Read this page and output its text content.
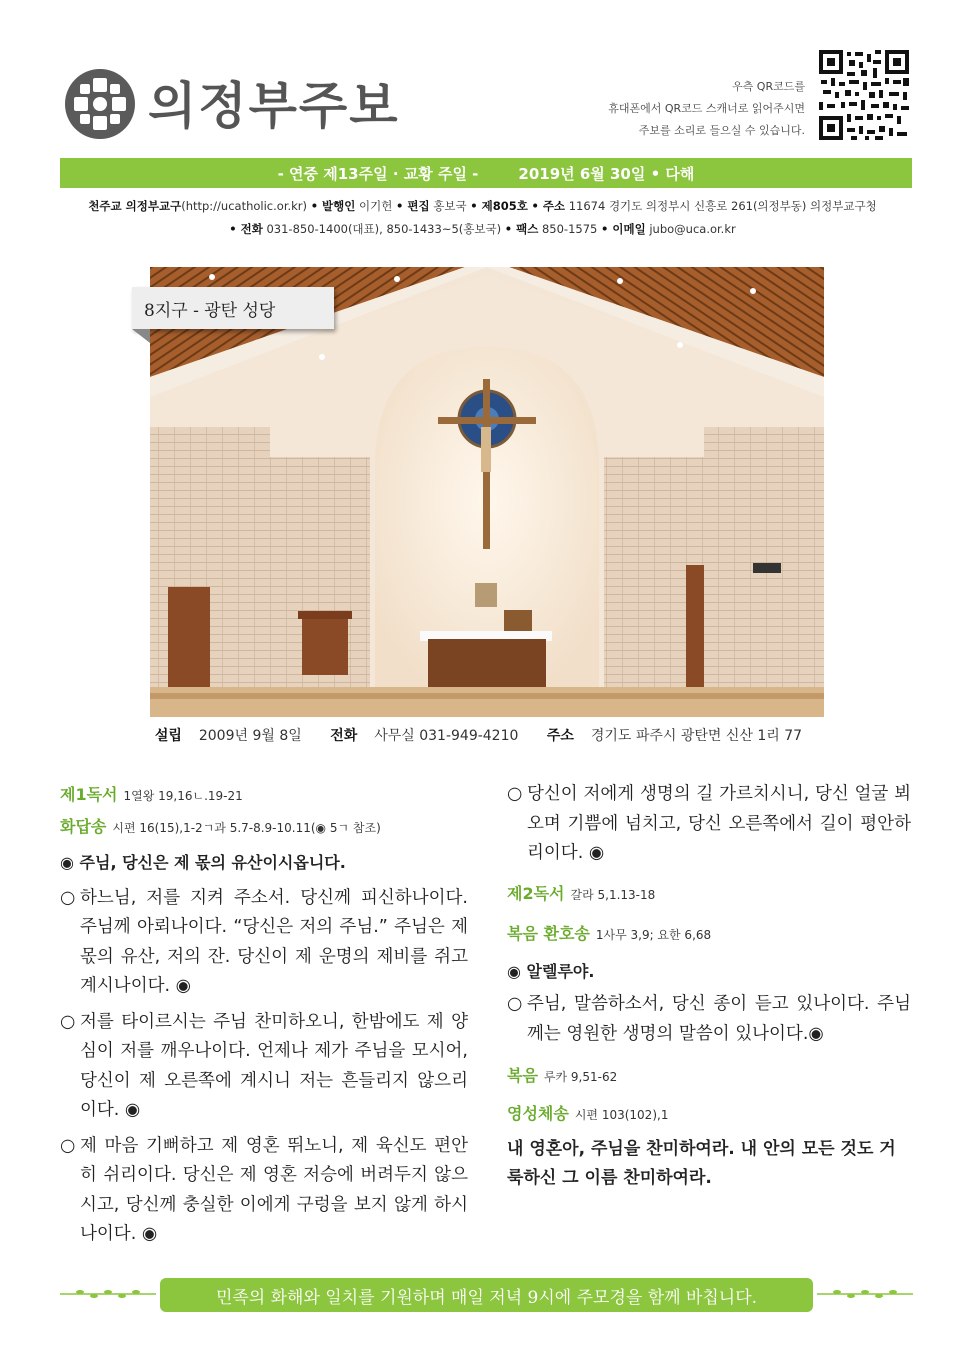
의정부주보	우측 QR코드를
휴대폰에서 QR코드 스캐너로 읽어주시면
주보를 소리로 들으실 수 있습니다.
- 연중 제13주일 · 교황 주일 -	2019년 6월 30일 • 다해
천주교 의정부교구(http://ucatholic.or.kr) • 발행인 이기헌 • 편집 홍보국 • 제805호 • 주소 11674 경기도 의정부시 신흥로 261(의정부동) 의정부교구청
• 전화 031-850-1400(대표), 850-1433~5(홍보국) • 팩스 850-1575 • 이메일 jubo@uca.or.kr
8지구 - 광탄 성당
설립 2009년 9월 8일 전화 사무실 031-949-4210 주소 경기도 파주시 광탄면 신산 1리 77
제1독서 1열왕 19,16ㄴ.19-21
화답송 시편 16(15),1-2ㄱ과 5.7-8.9-10.11(◉ 5ㄱ 참조)
◉ 주님, 당신은 제 몫의 유산이시옵니다.
○ 하느님, 저를 지켜 주소서. 당신께 피신하나이다. 주님께 아뢰나이다. “당신은 저의 주님.” 주님은 제 몫의 유산, 저의 잔. 당신이 제 운명의 제비를 쥐고 계시나이다. ◉
○ 저를 타이르시는 주님 찬미하오니, 한밤에도 제 양심이 저를 깨우나이다. 언제나 제가 주님을 모시어, 당신이 제 오른쪽에 계시니 저는 흔들리지 않으리이다. ◉
○ 제 마음 기뻐하고 제 영혼 뛰노니, 제 육신도 편안히 쉬리이다. 당신은 제 영혼 저승에 버려두지 않으시고, 당신께 충실한 이에게 구렁을 보지 않게 하시나이다. ◉
○ 당신이 저에게 생명의 길 가르치시니, 당신 얼굴 뵈오며 기쁨에 넘치고, 당신 오른쪽에서 길이 평안하리이다. ◉
제2독서 갈라 5,1.13-18
복음 환호송 1사무 3,9; 요한 6,68
◉ 알렐루야.
○ 주님, 말씀하소서, 당신 종이 듣고 있나이다. 주님께는 영원한 생명의 말씀이 있나이다.◉
복음 루카 9,51-62
영성체송 시편 103(102),1
내 영혼아, 주님을 찬미하여라. 내 안의 모든 것도 거룩하신 그 이름 찬미하여라.
민족의 화해와 일치를 기원하며 매일 저녁 9시에 주모경을 함께 바칩니다.
